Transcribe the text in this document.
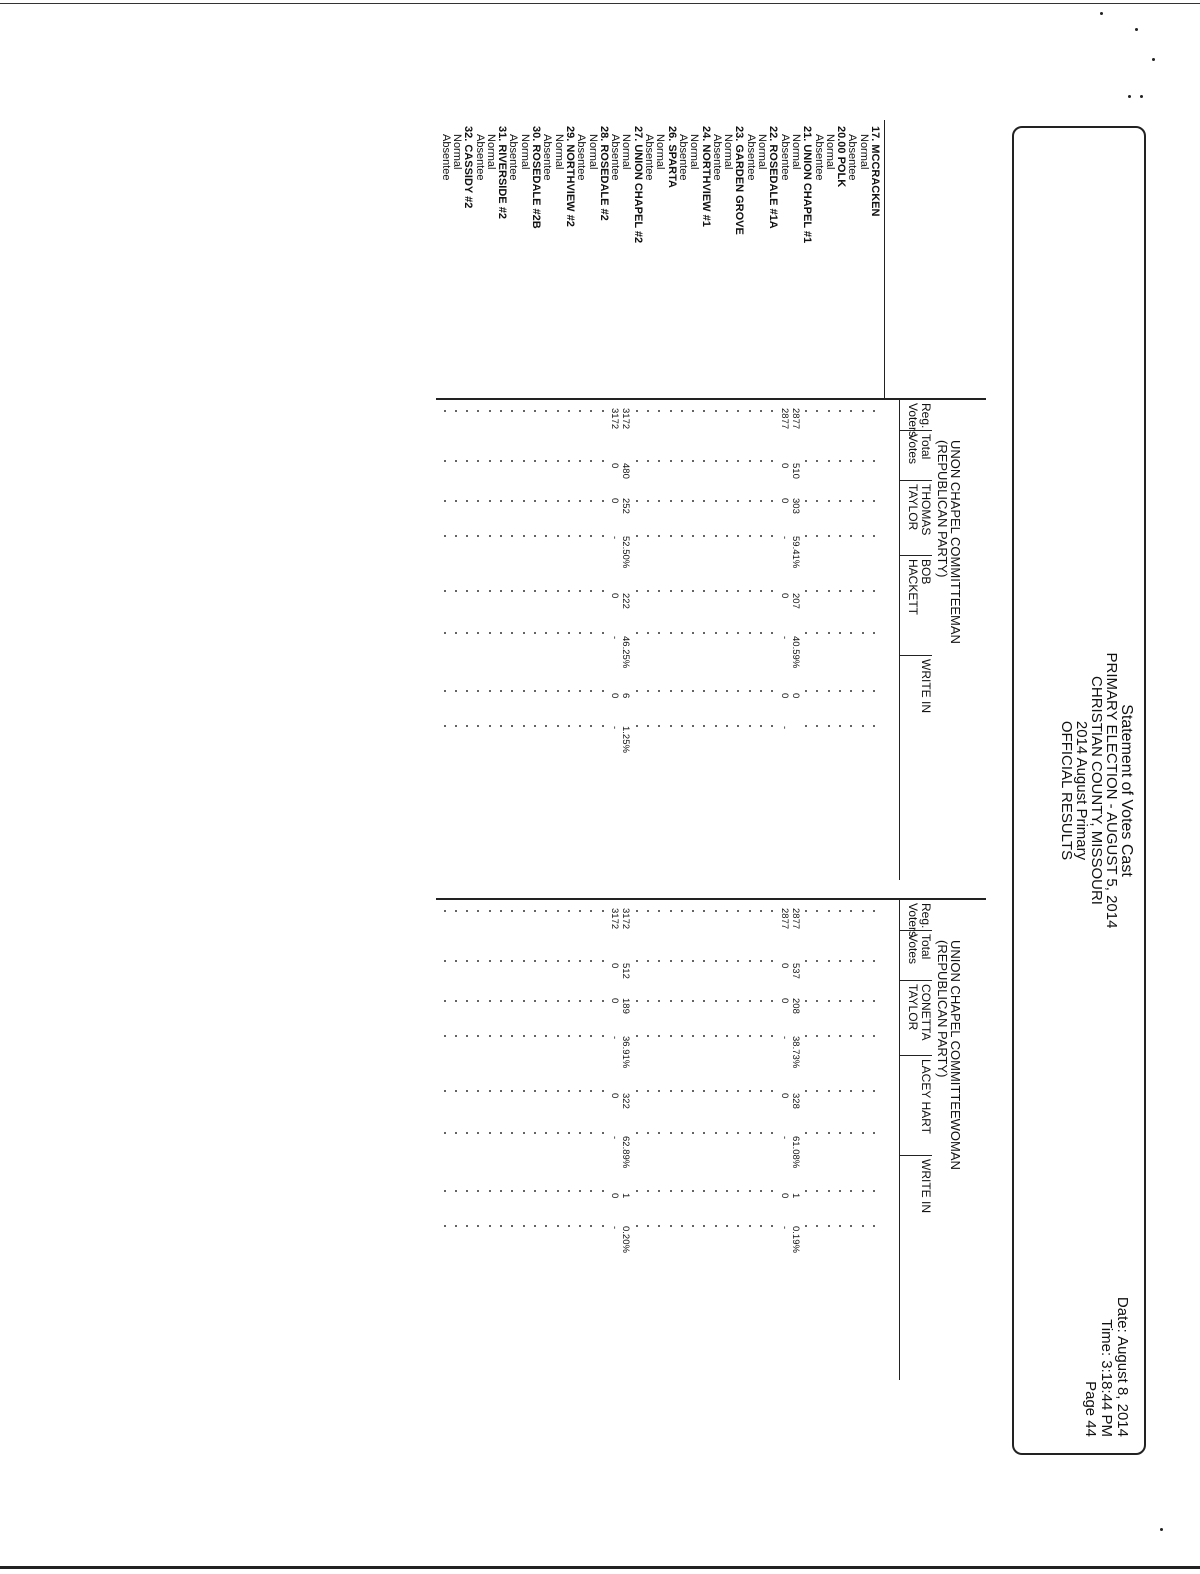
Statement of Votes Cast
PRIMARY ELECTION - AUGUST 5, 2014
CHRISTIAN COUNTY, MISSOURI
2014 August Primary
OFFICIAL RESULTS
Date: August 8, 2014
Time: 3:18:44 PM
Page 44
17. MCCRACKEN
Normal
Absentee
20.00 POLK
Normal
Absentee
21. UNION CHAPEL #1
Normal
Absentee
22. ROSEDALE #1A
Normal
Absentee
23. GARDEN GROVE
Normal
Absentee
24. NORTHVIEW #1
Normal
Absentee
26. SPARTA
Normal
Absentee
27. UNION CHAPEL #2
Normal
Absentee
28. ROSEDALE #2
Normal
Absentee
29. NORTHVIEW #2
Normal
Absentee
30. ROSEDALE #2B
Normal
Absentee
31. RIVERSIDE #2
Normal
Absentee
32. CASSIDY #2
Normal
Absentee
UNON CHAPEL COMMITTEEMAN
(REPUBLICAN PARTY)
Reg.
Voters
Total
Votes
THOMAS
TAYLOR
BOB
HACKETT
WRITE IN
2877
510
303
59.41%
207
40.59%
0
2877
0
0
-
0
-
0
-
3172
480
252
52.50%
222
46.25%
6
1.25%
3172
0
0
-
0
-
0
-
UNION CHAPEL COMMITTEEWOMAN
(REPUBLICAN PARTY)
Reg.
Voters
Total
Votes
CONETTA
TAYLOR
LACEY HART
WRITE IN
2877
537
208
38.73%
328
61.08%
1
0.19%
2877
0
0
-
0
-
0
-
3172
512
189
36.91%
322
62.89%
1
0.20%
3172
0
0
-
0
-
0
-
